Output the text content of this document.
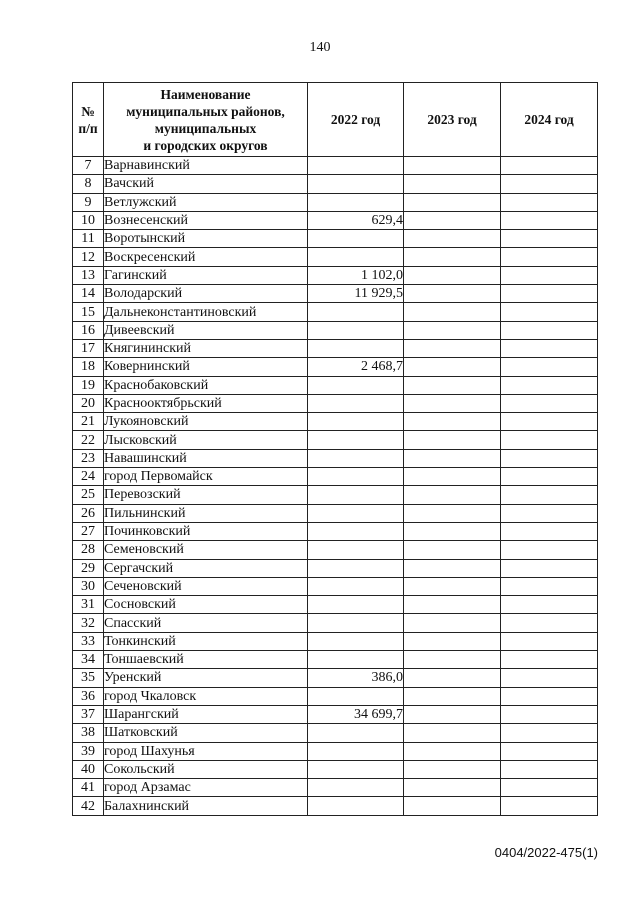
140
№
п/п	Наименование
муниципальных районов,
муниципальных
и городских округов	2022 год	2023 год	2024 год
7	Варнавинский			
8	Вачский			
9	Ветлужский			
10	Вознесенский	629,4		
11	Воротынский			
12	Воскресенский			
13	Гагинский	1 102,0		
14	Володарский	11 929,5		
15	Дальнеконстантиновский			
16	Дивеевский			
17	Княгининский			
18	Ковернинский	2 468,7		
19	Краснобаковский			
20	Краснооктябрьский			
21	Лукояновский			
22	Лысковский			
23	Навашинский			
24	город Первомайск			
25	Перевозский			
26	Пильнинский			
27	Починковский			
28	Семеновский			
29	Сергачский			
30	Сеченовский			
31	Сосновский			
32	Спасский			
33	Тонкинский			
34	Тоншаевский			
35	Уренский	386,0		
36	город Чкаловск			
37	Шарангский	34 699,7		
38	Шатковский			
39	город Шахунья			
40	Сокольский			
41	город Арзамас			
42	Балахнинский			
0404/2022-475(1)
